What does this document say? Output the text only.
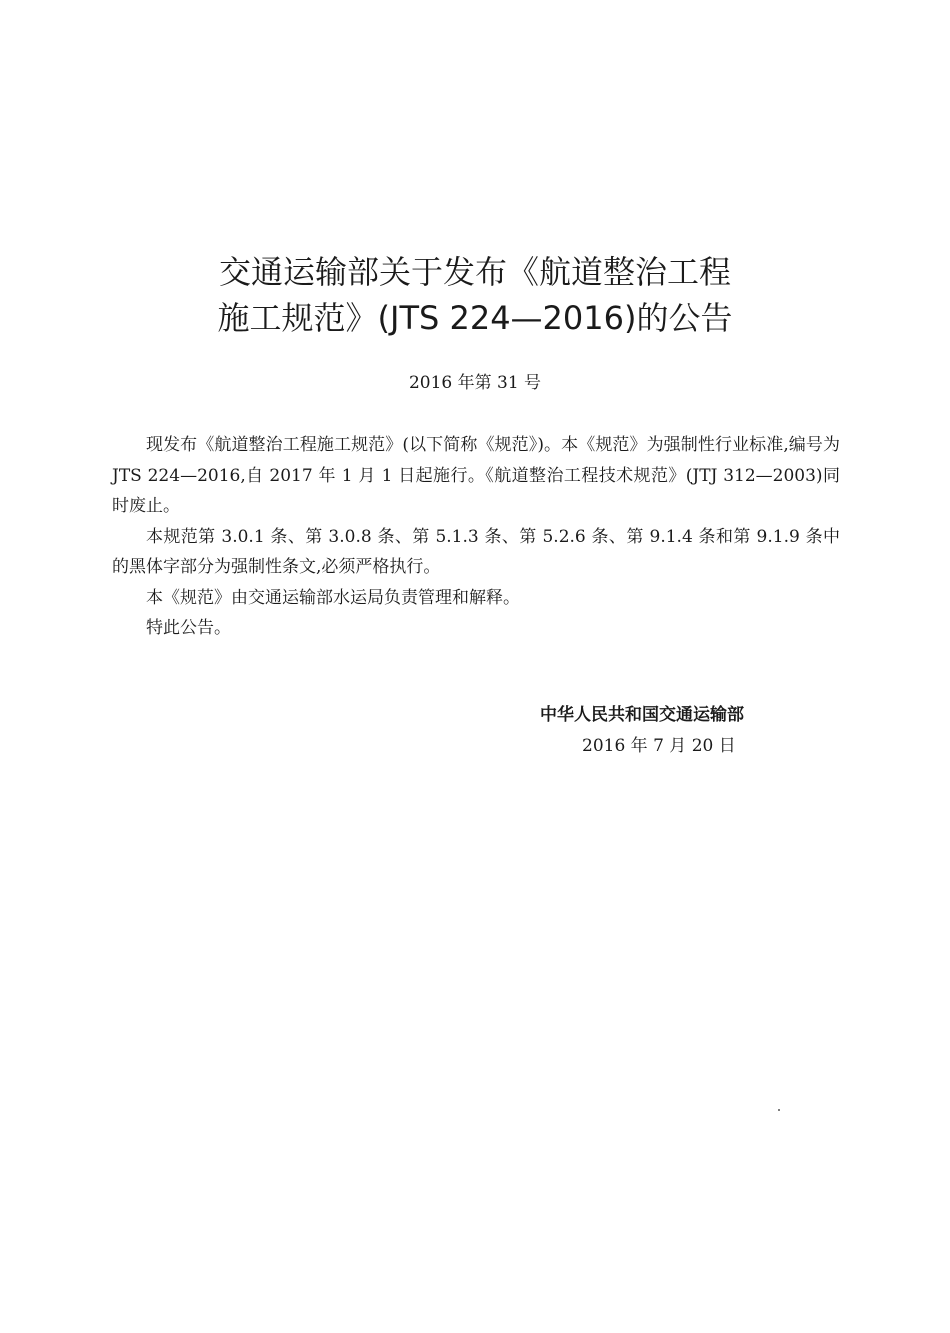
交通运输部关于发布《航道整治工程
施工规范》(JTS 224—2016)的公告
2016 年第 31 号

现发布《航道整治工程施工规范》(以下简称《规范》)。本《规范》为强制性行业标准,编号为 JTS 224—2016,自 2017 年 1 月 1 日起施行。《航道整治工程技术规范》(JTJ 312—2003)同时废止。

本规范第 3.0.1 条、第 3.0.8 条、第 5.1.3 条、第 5.2.6 条、第 9.1.4 条和第 9.1.9 条中的黑体字部分为强制性条文,必须严格执行。

本《规范》由交通运输部水运局负责管理和解释。

特此公告。

中华人民共和国交通运输部
2016 年 7 月 20 日
